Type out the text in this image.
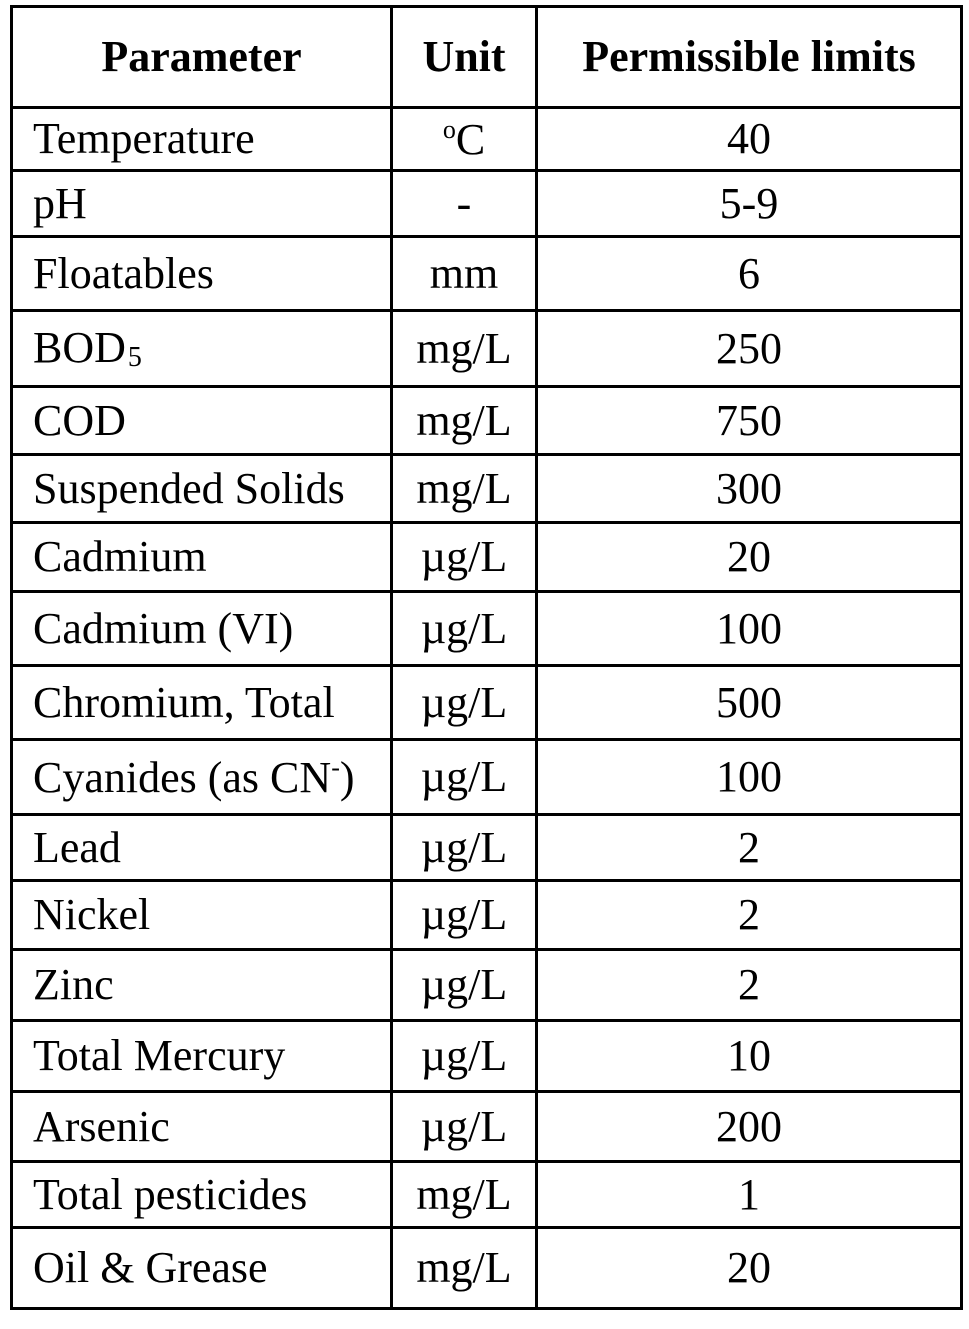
Parameter	Unit	Permissible limits
Temperature	$^o$C	40
pH	-	5-9
Floatables	mm	6
BOD5	mg/L	250
COD	mg/L	750
Suspended Solids	mg/L	300
Cadmium	µg/L	20
Cadmium (VI)	µg/L	100
Chromium, Total	µg/L	500
Cyanides (as CN-)	µg/L	100
Lead	µg/L	2
Nickel	µg/L	2
Zinc	µg/L	2
Total Mercury	µg/L	10
Arsenic	µg/L	200
Total pesticides	mg/L	1
Oil & Grease	mg/L	20
